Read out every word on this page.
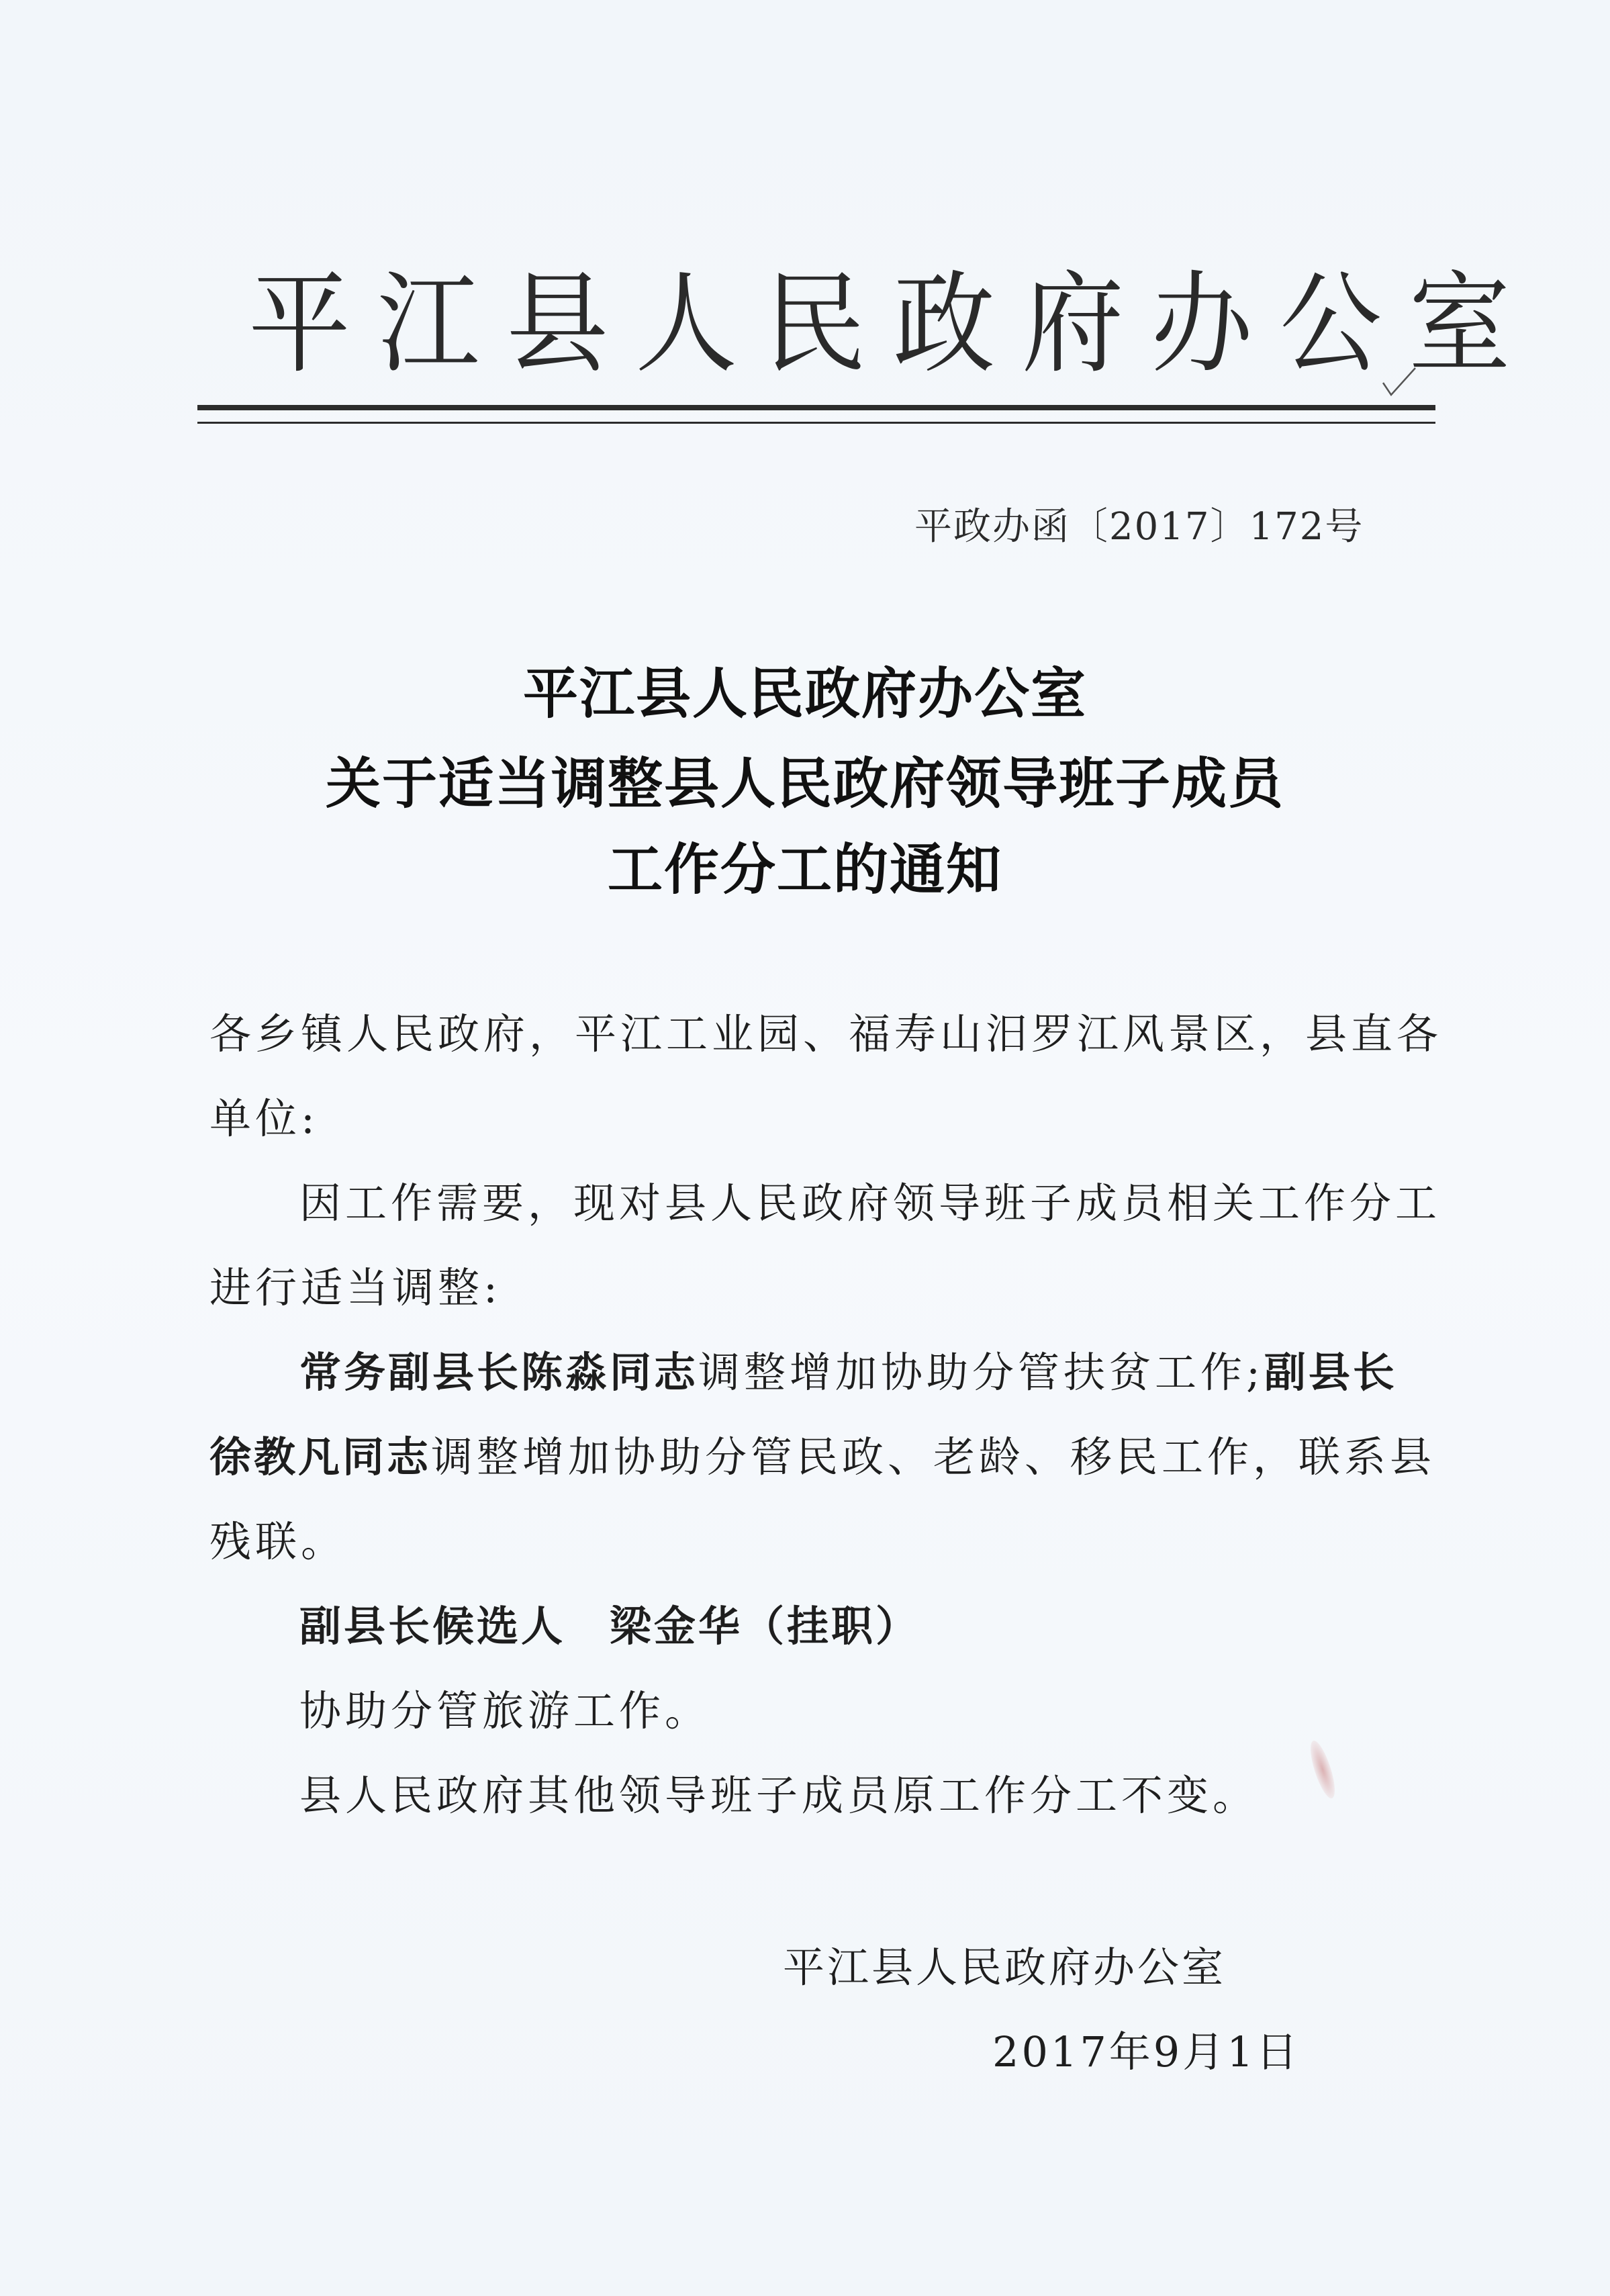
平江县人民政府办公室
平政办函〔2017〕172号
平江县人民政府办公室
关于适当调整县人民政府领导班子成员
工作分工的通知
各乡镇人民政府，平江工业园、福寿山汨罗江风景区，县直各
单位:
因工作需要，现对县人民政府领导班子成员相关工作分工
进行适当调整:
常务副县长陈淼同志调整增加协助分管扶贫工作;副县长
徐教凡同志调整增加协助分管民政、老龄、移民工作，联系县
残联。
副县长候选人　梁金华（挂职）
协助分管旅游工作。
县人民政府其他领导班子成员原工作分工不变。
平江县人民政府办公室
2017年9月1日
